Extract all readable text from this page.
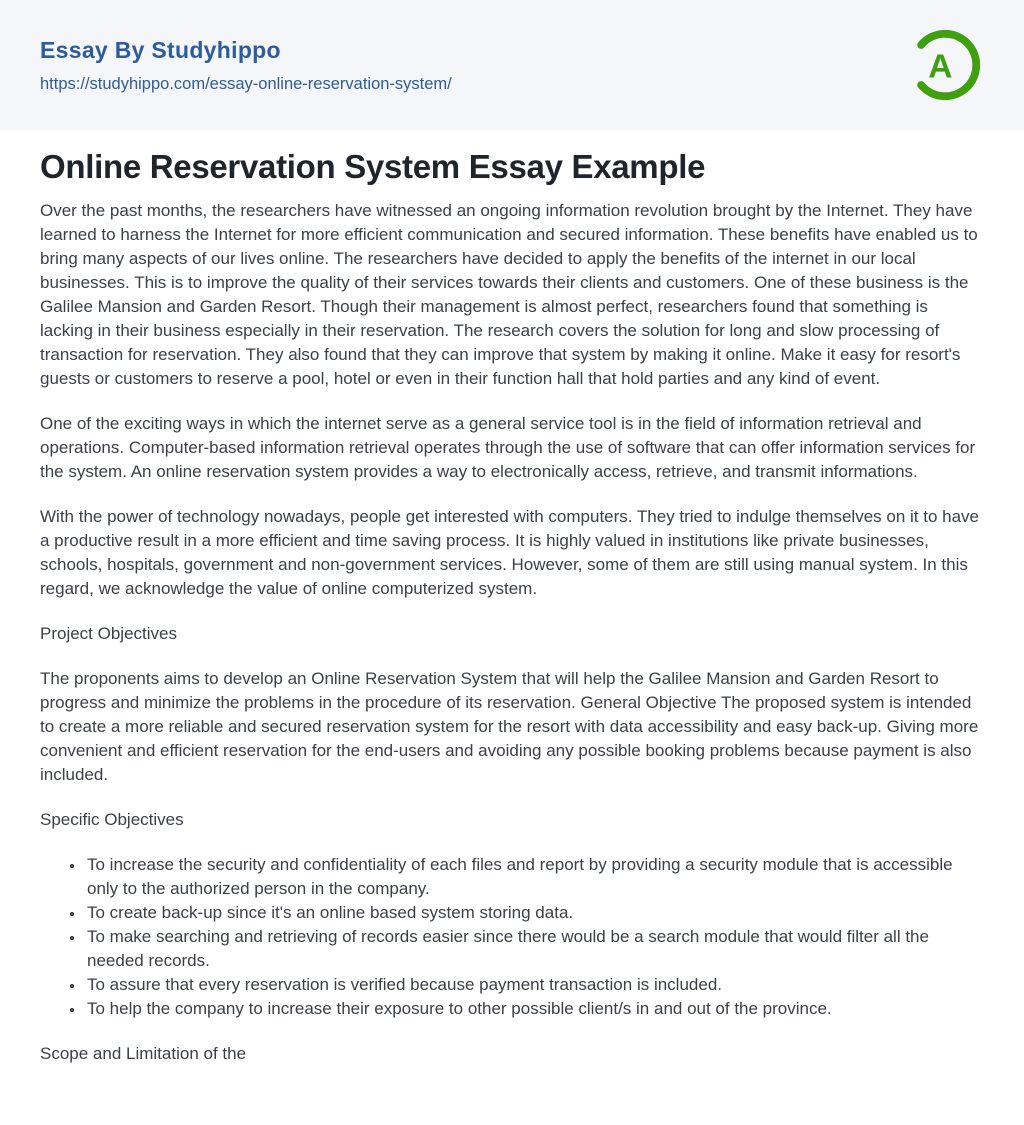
Essay By Studyhippo
https://studyhippo.com/essay-online-reservation-system/	A
Online Reservation System Essay Example

Over the past months, the researchers have witnessed an ongoing information revolution brought by the Internet. They have learned to harness the Internet for more efficient communication and secured information. These benefits have enabled us to bring many aspects of our lives online. The researchers have decided to apply the benefits of the internet in our local businesses. This is to improve the quality of their services towards their clients and customers. One of these business is the Galilee Mansion and Garden Resort. Though their management is almost perfect, researchers found that something is lacking in their business especially in their reservation. The research covers the solution for long and slow processing of transaction for reservation. They also found that they can improve that system by making it online. Make it easy for resort's guests or customers to reserve a pool, hotel or even in their function hall that hold parties and any kind of event.

One of the exciting ways in which the internet serve as a general service tool is in the field of information retrieval and operations. Computer-based information retrieval operates through the use of software that can offer information services for the system. An online reservation system provides a way to electronically access, retrieve, and transmit informations.

With the power of technology nowadays, people get interested with computers. They tried to indulge themselves on it to have a productive result in a more efficient and time saving process. It is highly valued in institutions like private businesses, schools, hospitals, government and non-government services. However, some of them are still using manual system. In this regard, we acknowledge the value of online computerized system.

Project Objectives

The proponents aims to develop an Online Reservation System that will help the Galilee Mansion and Garden Resort to progress and minimize the problems in the procedure of its reservation. General Objective The proposed system is intended to create a more reliable and secured reservation system for the resort with data accessibility and easy back-up. Giving more convenient and efficient reservation for the end-users and avoiding any possible booking problems because payment is also included.

Specific Objectives

• To increase the security and confidentiality of each files and report by providing a security module that is accessible only to the authorized person in the company.
• To create back-up since it's an online based system storing data.
• To make searching and retrieving of records easier since there would be a search module that would filter all the needed records.
• To assure that every reservation is verified because payment transaction is included.
• To help the company to increase their exposure to other possible client/s in and out of the province.

Scope and Limitation of the
